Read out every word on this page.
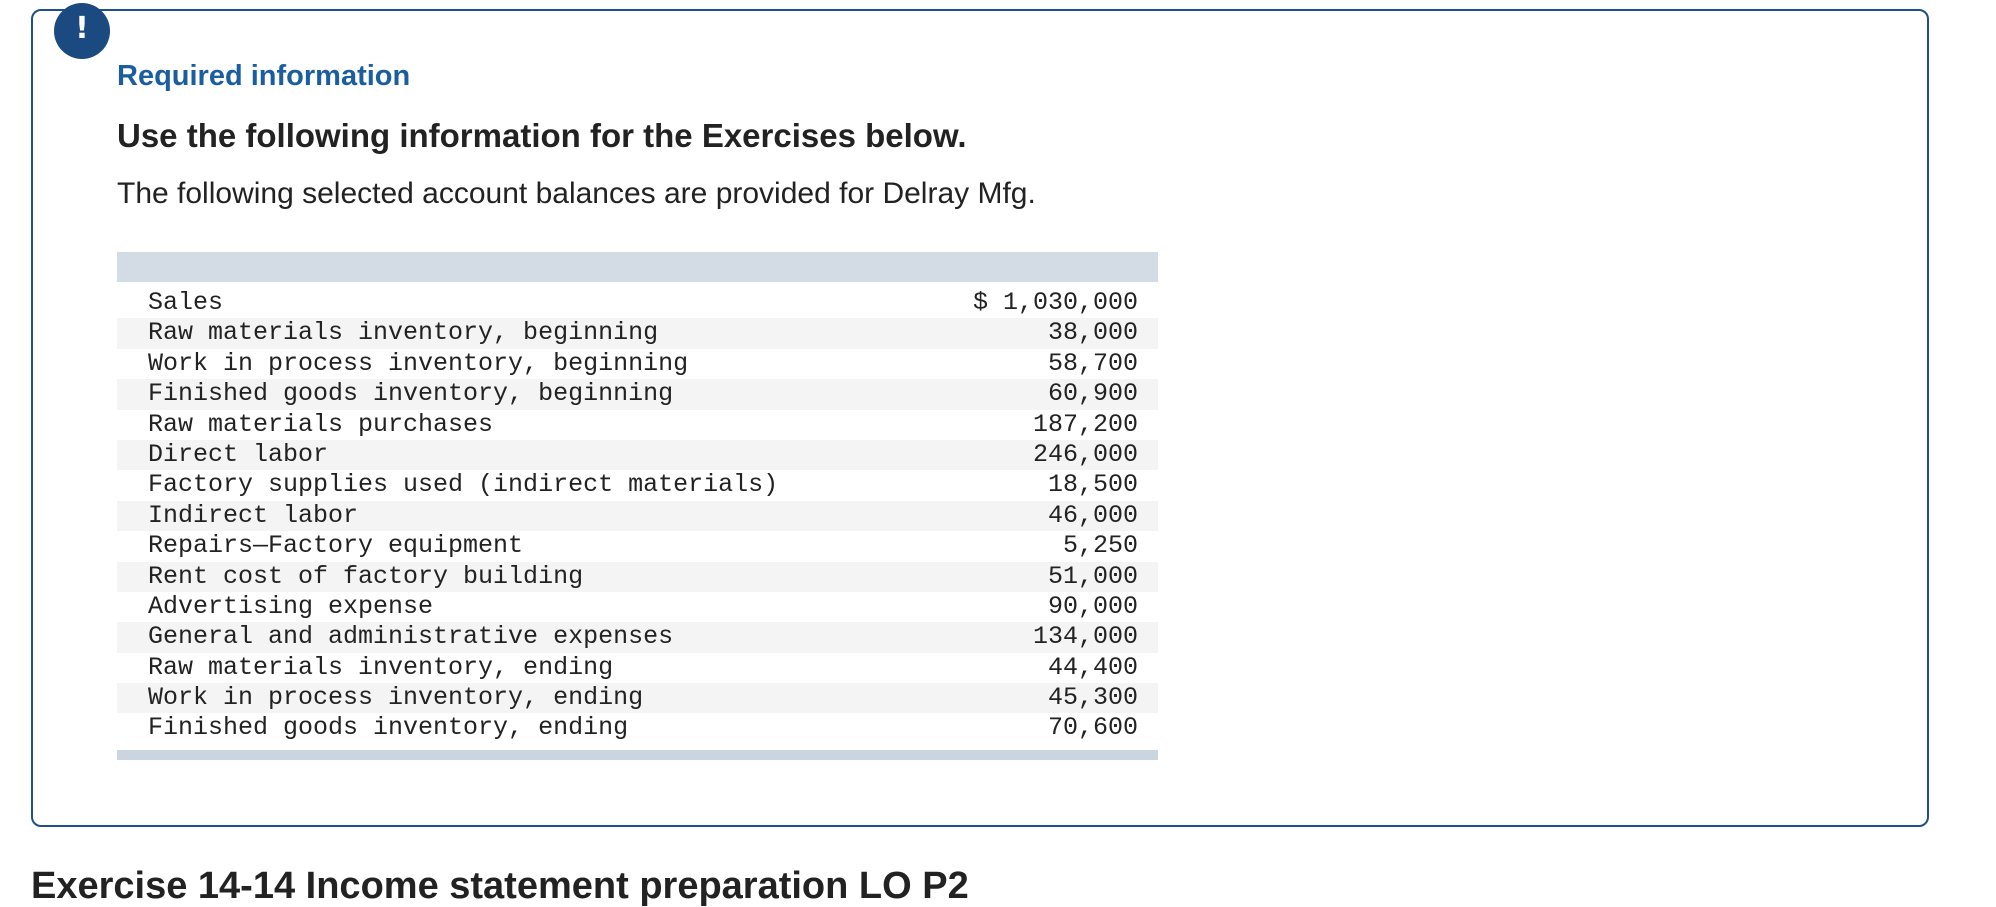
!
Required information
Use the following information for the Exercises below.
The following selected account balances are provided for Delray Mfg.
Sales	$ 1,030,000
Raw materials inventory, beginning	38,000
Work in process inventory, beginning	58,700
Finished goods inventory, beginning	60,900
Raw materials purchases	187,200
Direct labor	246,000
Factory supplies used (indirect materials)	18,500
Indirect labor	46,000
Repairs—Factory equipment	5,250
Rent cost of factory building	51,000
Advertising expense	90,000
General and administrative expenses	134,000
Raw materials inventory, ending	44,400
Work in process inventory, ending	45,300
Finished goods inventory, ending	70,600
Exercise 14-14 Income statement preparation LO P2
